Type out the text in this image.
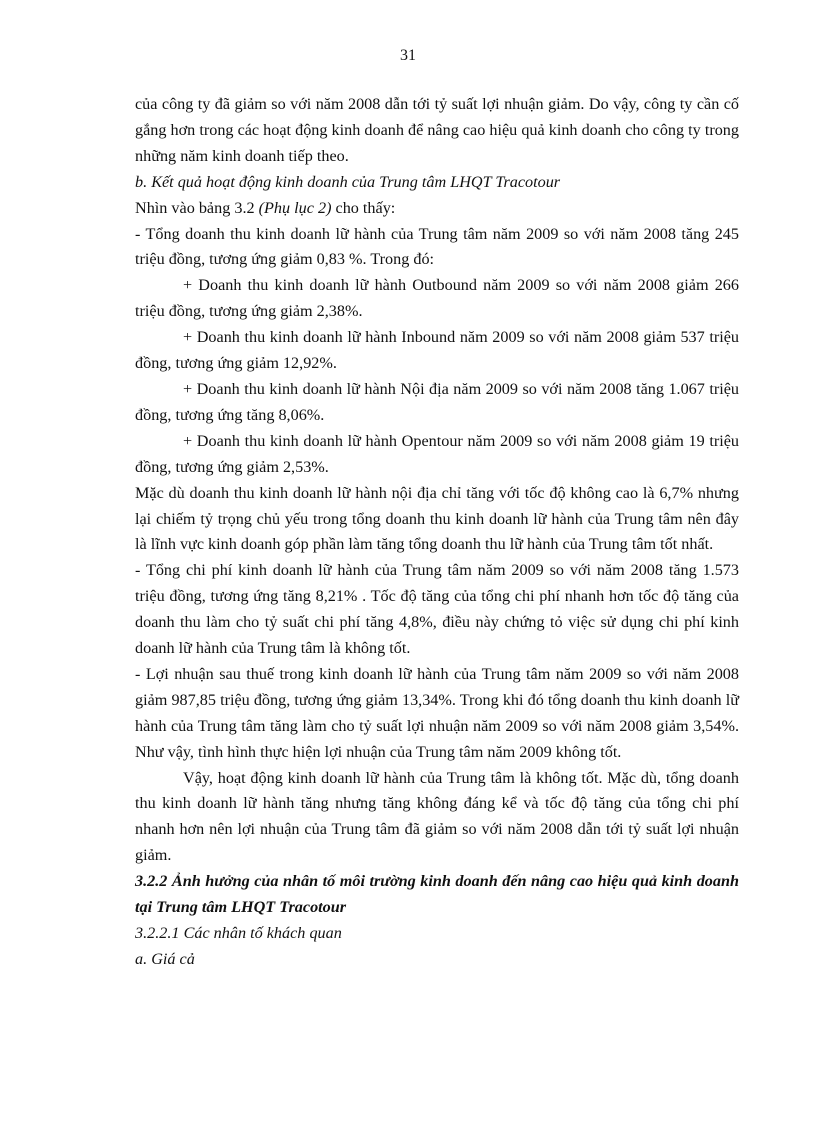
31

của công ty đã giảm so với năm 2008 dẫn tới tỷ suất lợi nhuận giảm. Do vậy, công ty cần cố gắng hơn trong các hoạt động kinh doanh để nâng cao hiệu quả kinh doanh cho công ty trong những năm kinh doanh tiếp theo.

b. Kết quả hoạt động kinh doanh của Trung tâm LHQT Tracotour

Nhìn vào bảng 3.2 (Phụ lục 2) cho thấy:

- Tổng doanh thu kinh doanh lữ hành của Trung tâm năm 2009 so với năm 2008 tăng 245 triệu đồng, tương ứng giảm 0,83 %. Trong đó:

+ Doanh thu kinh doanh lữ hành Outbound năm 2009 so với năm 2008 giảm 266 triệu đồng, tương ứng giảm 2,38%.

+ Doanh thu kinh doanh lữ hành Inbound năm 2009 so với năm 2008 giảm 537 triệu đồng, tương ứng giảm 12,92%.

+ Doanh thu kinh doanh lữ hành Nội địa năm 2009 so với năm 2008 tăng 1.067 triệu đồng, tương ứng tăng 8,06%.

+ Doanh thu kinh doanh lữ hành Opentour năm 2009 so với năm 2008 giảm 19 triệu đồng, tương ứng giảm 2,53%.

Mặc dù doanh thu kinh doanh lữ hành nội địa chỉ tăng với tốc độ không cao là 6,7% nhưng lại chiếm tỷ trọng chủ yếu trong tổng doanh thu kinh doanh lữ hành của Trung tâm nên đây là lĩnh vực kinh doanh góp phần làm tăng tổng doanh thu lữ hành của Trung tâm tốt nhất.

- Tổng chi phí kinh doanh lữ hành của Trung tâm năm 2009 so với năm 2008 tăng 1.573 triệu đồng, tương ứng tăng 8,21% . Tốc độ tăng của tổng chi phí nhanh hơn tốc độ tăng của doanh thu làm cho tỷ suất chi phí tăng 4,8%, điều này chứng tỏ việc sử dụng chi phí kinh doanh lữ hành của Trung tâm là không tốt.

- Lợi nhuận sau thuế trong kinh doanh lữ hành của Trung tâm năm 2009 so với năm 2008 giảm 987,85 triệu đồng, tương ứng giảm 13,34%. Trong khi đó tổng doanh thu kinh doanh lữ hành của Trung tâm tăng làm cho tỷ suất lợi nhuận năm 2009 so với năm 2008 giảm 3,54%. Như vậy, tình hình thực hiện lợi nhuận của Trung tâm năm 2009 không tốt.

Vậy, hoạt động kinh doanh lữ hành của Trung tâm là không tốt. Mặc dù, tổng doanh thu kinh doanh lữ hành tăng nhưng tăng không đáng kể và tốc độ tăng của tổng chi phí nhanh hơn nên lợi nhuận của Trung tâm đã giảm so với năm 2008 dẫn tới tỷ suất lợi nhuận giảm.

3.2.2 Ảnh hưởng của nhân tố môi trường kinh doanh đến nâng cao hiệu quả kinh doanh tại Trung tâm LHQT Tracotour

3.2.2.1 Các nhân tố khách quan

a. Giá cả
